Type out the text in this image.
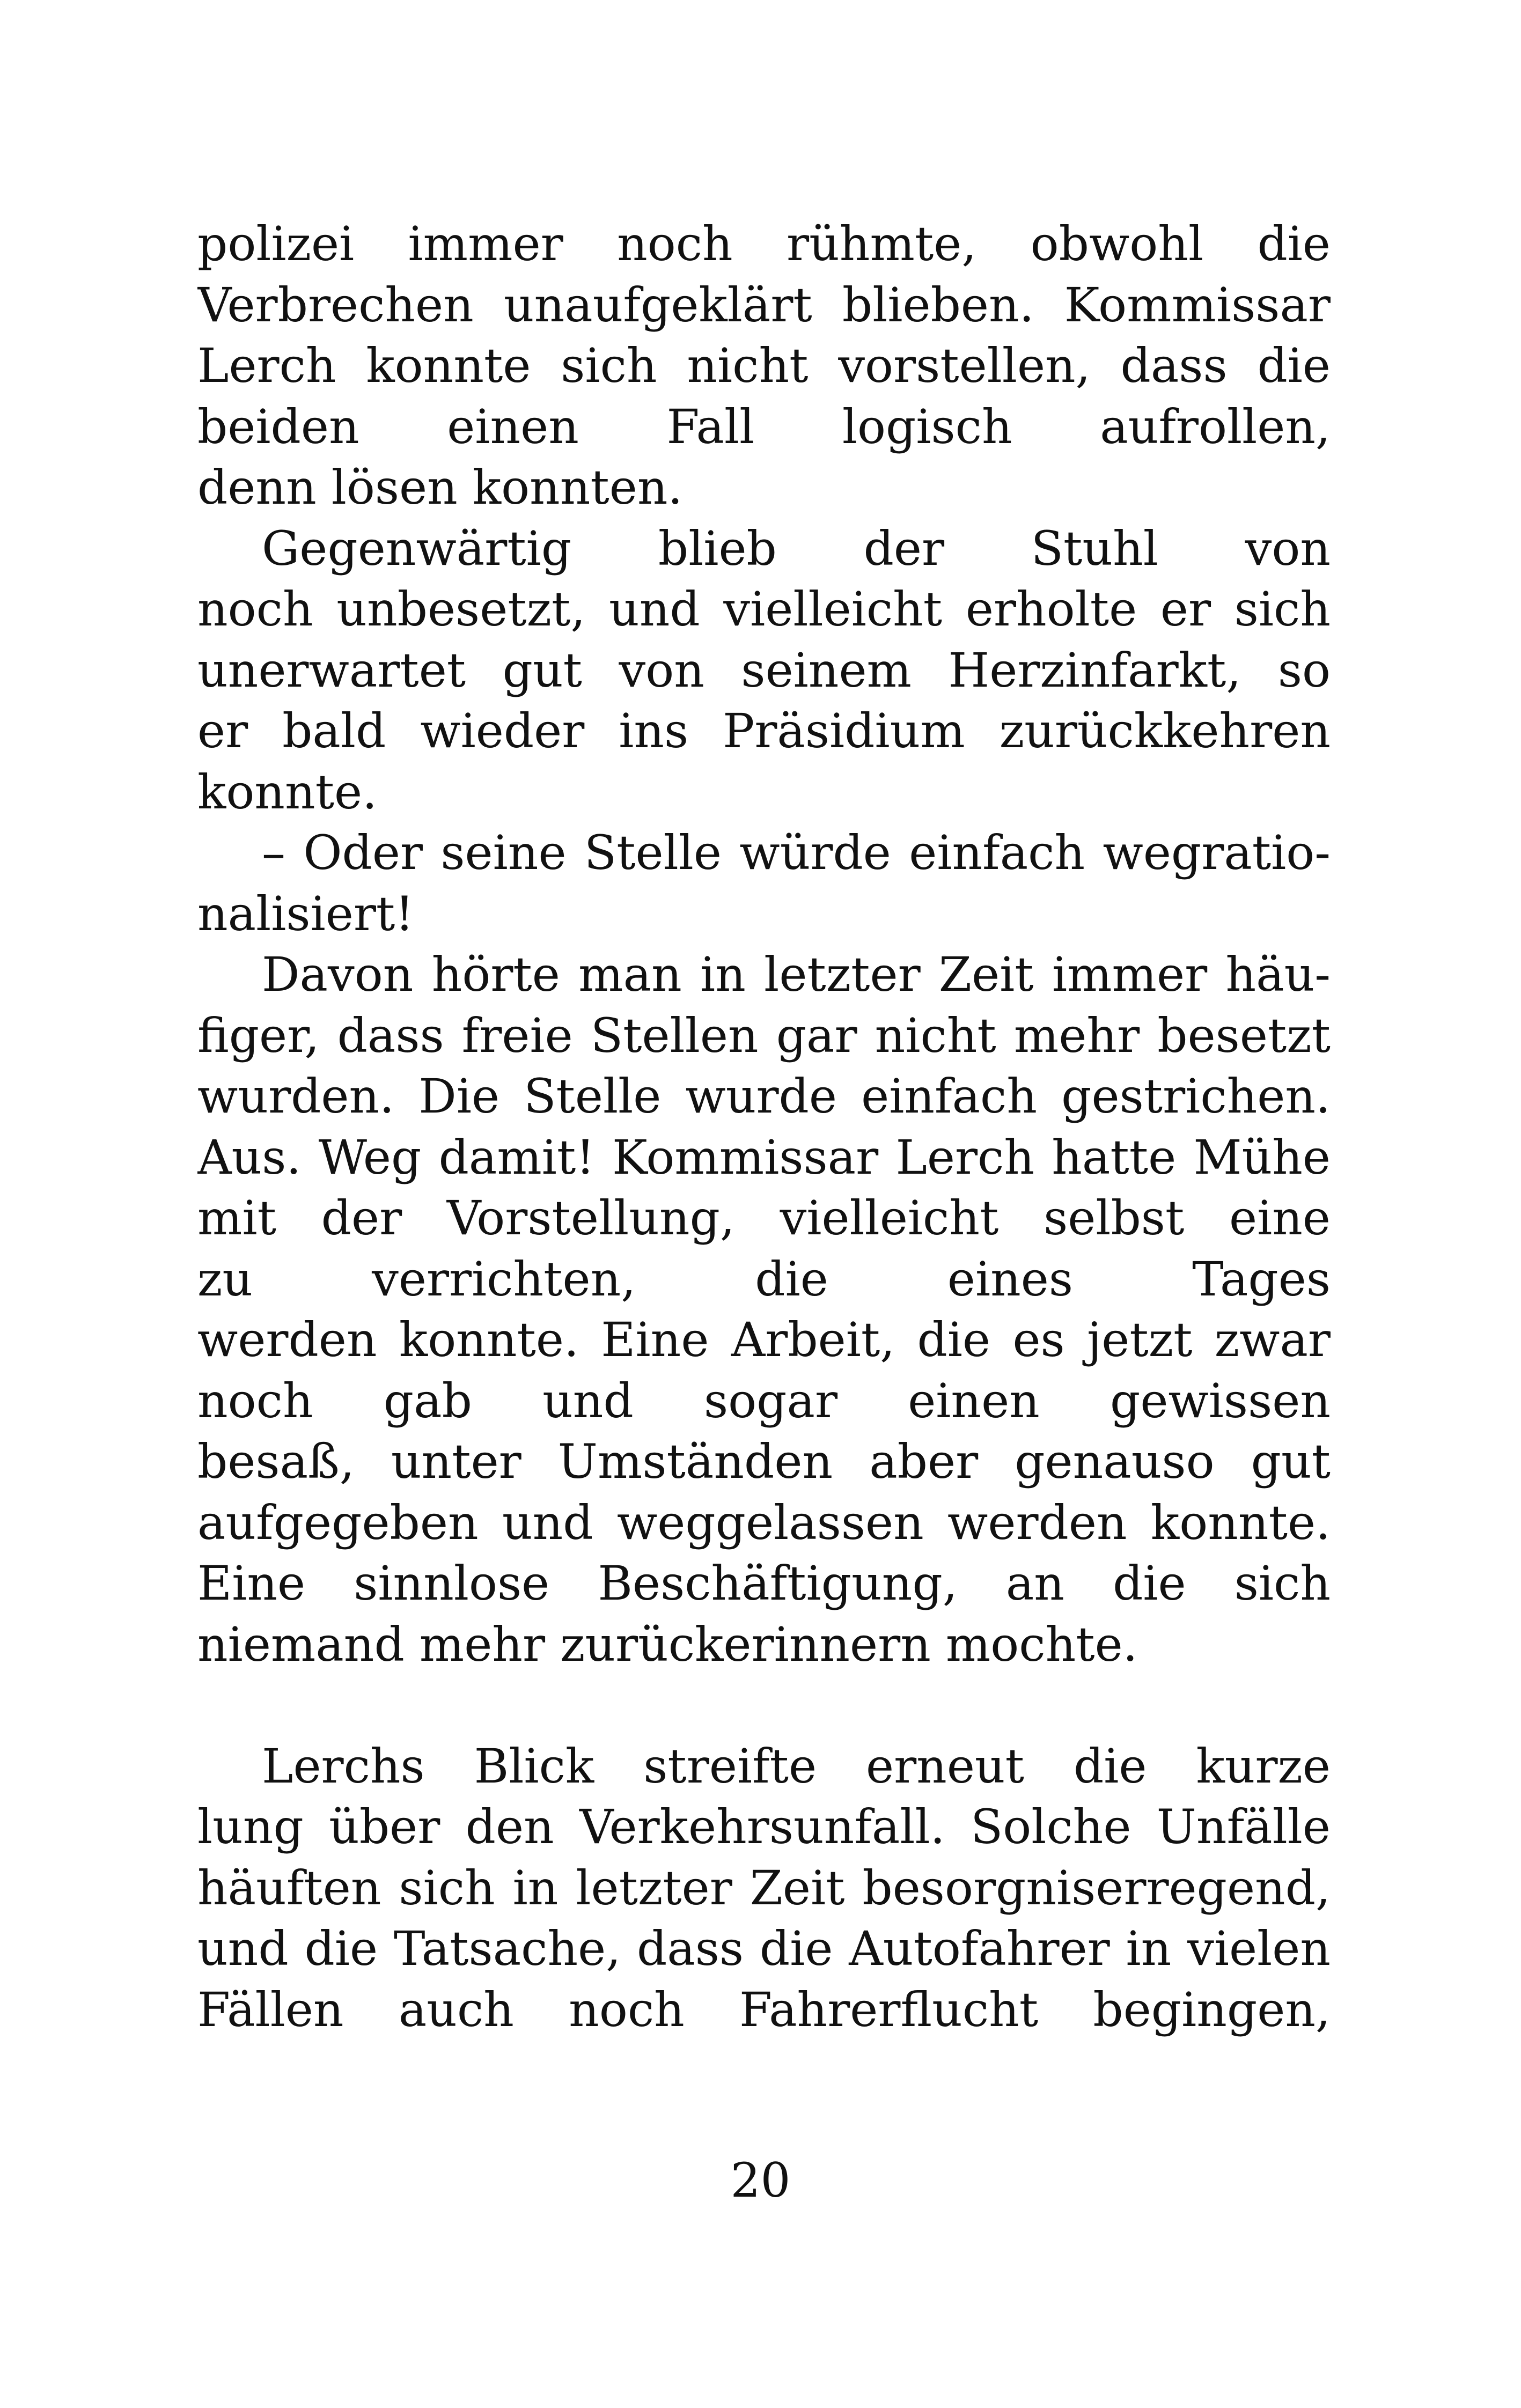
polizei immer noch rühmte, obwohl die
Verbrechen unaufgeklärt blieben. Kommissar
Lerch konnte sich nicht vorstellen, dass die
beiden einen Fall logisch aufrollen,
denn lösen konnten.
Gegenwärtig blieb der Stuhl von
noch unbesetzt, und vielleicht erholte er sich
unerwartet gut von seinem Herzinfarkt, so
er bald wieder ins Präsidium zurückkehren
konnte.
– Oder seine Stelle würde einfach wegratio-
nalisiert!
Davon hörte man in letzter Zeit immer häu-
figer, dass freie Stellen gar nicht mehr besetzt
wurden. Die Stelle wurde einfach gestrichen.
Aus. Weg damit! Kommissar Lerch hatte Mühe
mit der Vorstellung, vielleicht selbst eine
zu verrichten, die eines Tages
werden konnte. Eine Arbeit, die es jetzt zwar
noch gab und sogar einen gewissen
besaß, unter Umständen aber genauso gut
aufgegeben und weggelassen werden konnte.
Eine sinnlose Beschäftigung, an die sich
niemand mehr zurückerinnern mochte.
Lerchs Blick streifte erneut die kurze
lung über den Verkehrsunfall. Solche Unfälle
häuften sich in letzter Zeit besorgniserregend,
und die Tatsache, dass die Autofahrer in vielen
Fällen auch noch Fahrerflucht begingen,
20
